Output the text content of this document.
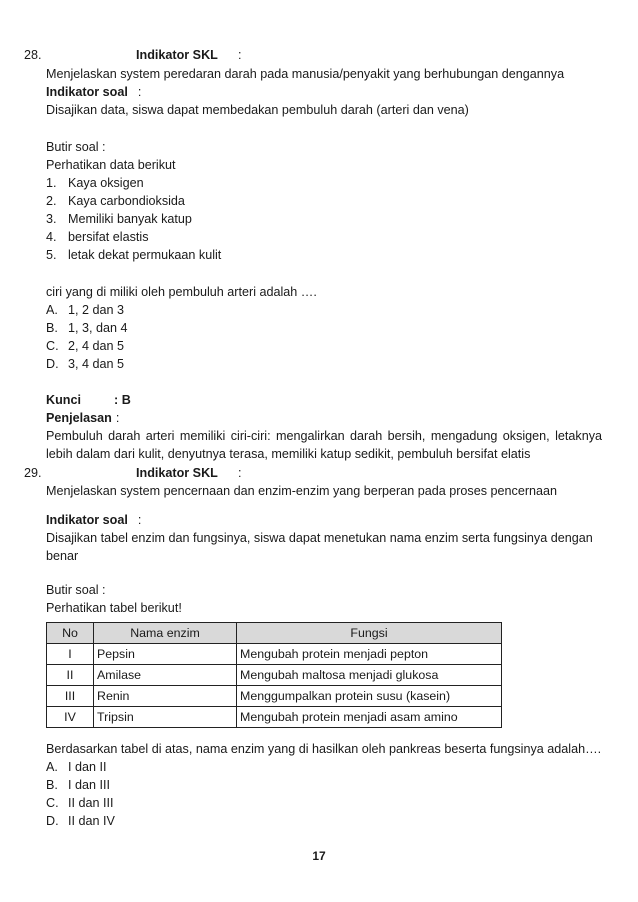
28.	Indikator SKL :
Menjelaskan system peredaran darah pada manusia/penyakit yang berhubungan dengannya
Indikator soal :
Disajikan data, siswa dapat membedakan pembuluh darah (arteri dan vena)
Butir soal :
Perhatikan data berikut
1. Kaya oksigen
2. Kaya carbondioksida
3. Memiliki banyak katup
4. bersifat elastis
5. letak dekat permukaan kulit
ciri yang di miliki oleh pembuluh arteri adalah ….
A. 1, 2 dan 3
B. 1, 3, dan 4
C. 2, 4 dan 5
D. 3, 4 dan 5
Kunci	: B
Penjelasan :
Pembuluh darah arteri memiliki ciri-ciri: mengalirkan darah bersih, mengadung oksigen, letaknya
lebih dalam dari kulit, denyutnya terasa, memiliki katup sedikit, pembuluh bersifat elatis
29.	Indikator SKL :
Menjelaskan system pencernaan dan enzim-enzim yang berperan pada proses pencernaan
Indikator soal :
Disajikan tabel enzim dan fungsinya, siswa dapat menetukan nama enzim serta fungsinya dengan
benar
Butir soal :
Perhatikan tabel berikut!
No	Nama enzim	Fungsi
I	Pepsin	Mengubah protein menjadi pepton
II	Amilase	Mengubah maltosa menjadi glukosa
III	Renin	Menggumpalkan protein susu (kasein)
IV	Tripsin	Mengubah protein menjadi asam amino
Berdasarkan tabel di atas, nama enzim yang di hasilkan oleh pankreas beserta fungsinya adalah….
A. I dan II
B. I dan III
C. II dan III
D. II dan IV
17
